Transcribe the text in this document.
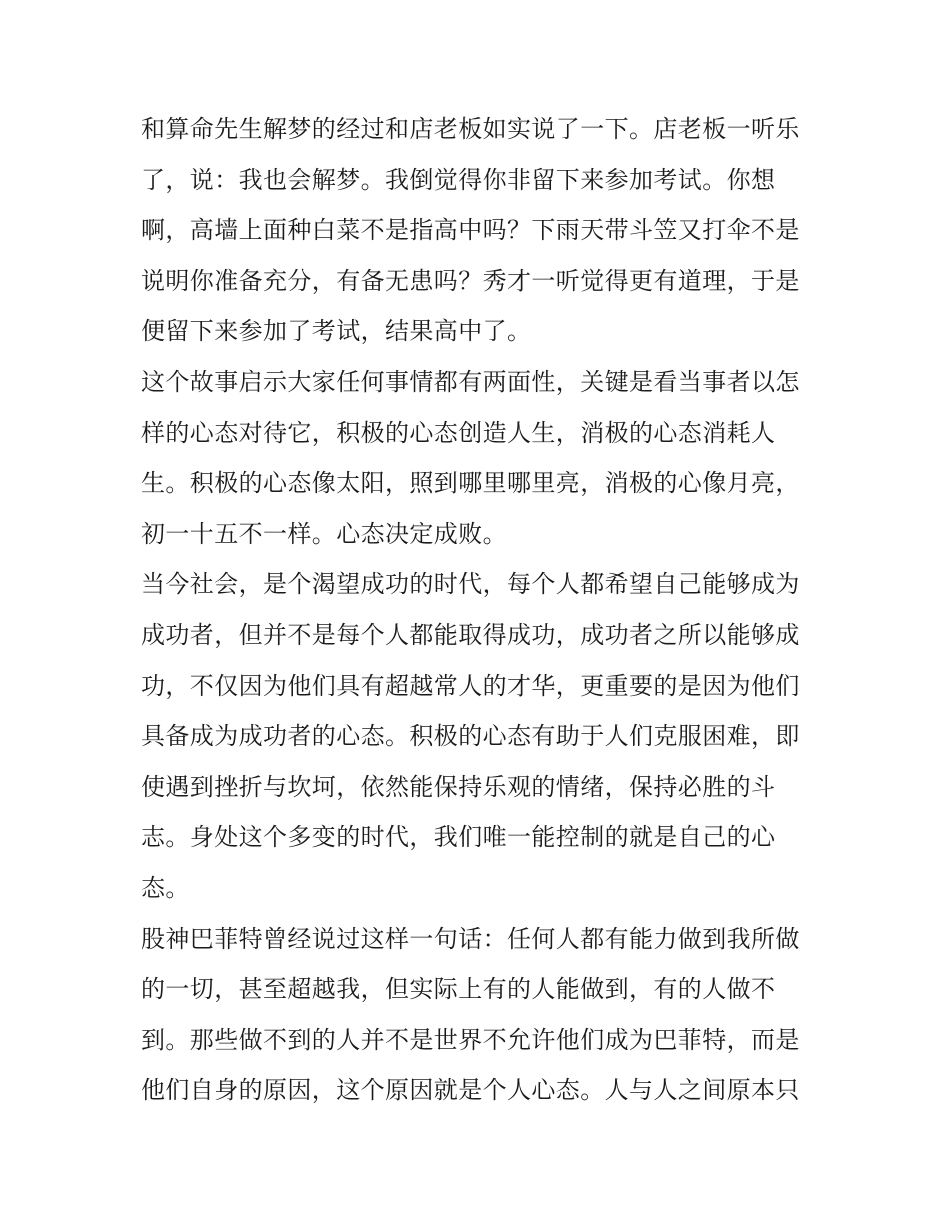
和算命先生解梦的经过和店老板如实说了一下。店老板一听乐
了，说：我也会解梦。我倒觉得你非留下来参加考试。你想
啊，高墙上面种白菜不是指高中吗？下雨天带斗笠又打伞不是
说明你准备充分，有备无患吗？秀才一听觉得更有道理，于是
便留下来参加了考试，结果高中了。
这个故事启示大家任何事情都有两面性，关键是看当事者以怎
样的心态对待它，积极的心态创造人生，消极的心态消耗人
生。积极的心态像太阳，照到哪里哪里亮，消极的心像月亮，
初一十五不一样。心态决定成败。
当今社会，是个渴望成功的时代，每个人都希望自己能够成为
成功者，但并不是每个人都能取得成功，成功者之所以能够成
功，不仅因为他们具有超越常人的才华，更重要的是因为他们
具备成为成功者的心态。积极的心态有助于人们克服困难，即
使遇到挫折与坎坷，依然能保持乐观的情绪，保持必胜的斗
志。身处这个多变的时代，我们唯一能控制的就是自己的心
态。
股神巴菲特曾经说过这样一句话：任何人都有能力做到我所做
的一切，甚至超越我，但实际上有的人能做到，有的人做不
到。那些做不到的人并不是世界不允许他们成为巴菲特，而是
他们自身的原因，这个原因就是个人心态。人与人之间原本只
